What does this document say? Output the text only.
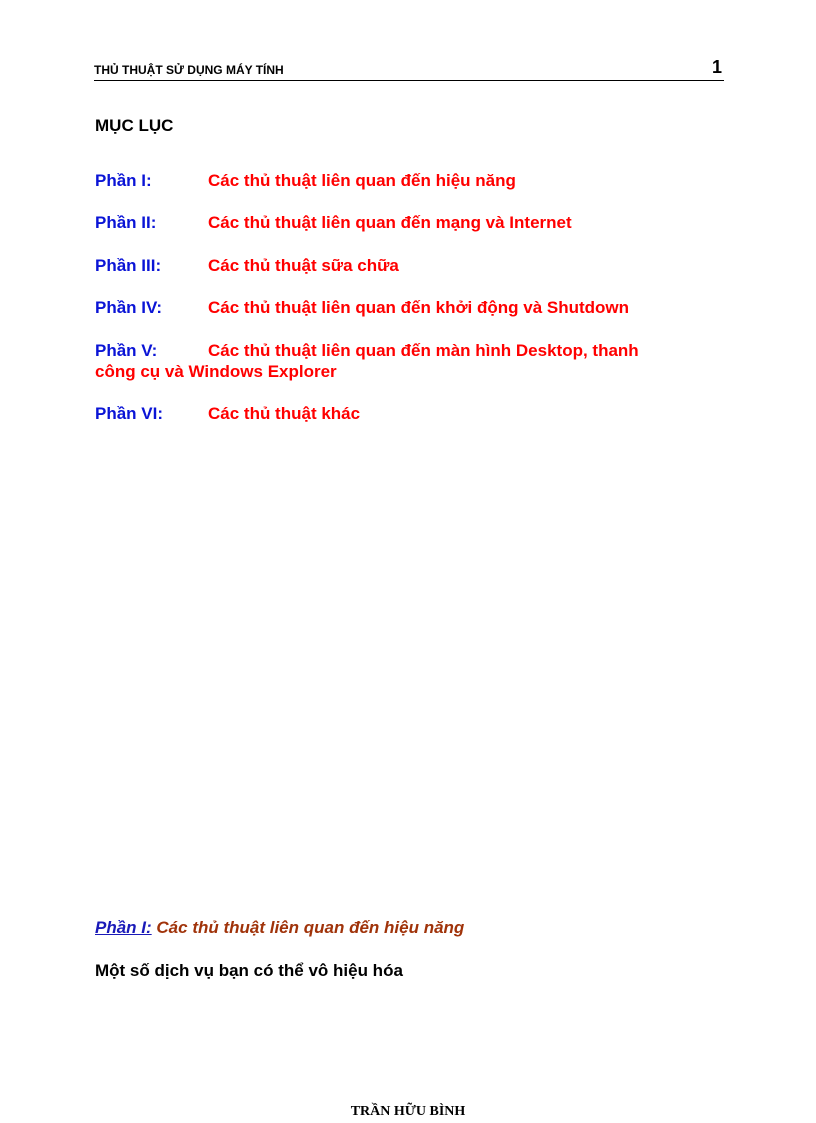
THỦ THUẬT SỬ DỤNG MÁY TÍNH	1
MỤC LỤC
Phần I:	Các thủ thuật liên quan đến hiệu năng
Phần II:	Các thủ thuật liên quan đến mạng và Internet
Phần III:	Các thủ thuật sữa chữa
Phần IV:	Các thủ thuật liên quan đến khởi động và Shutdown
Phần V:	Các thủ thuật liên quan đến màn hình Desktop, thanh
công cụ và Windows Explorer
Phần VI:	Các thủ thuật khác
Phần I: Các thủ thuật liên quan đến hiệu năng
Một số dịch vụ bạn có thể vô hiệu hóa
TRẦN HỮU BÌNH
